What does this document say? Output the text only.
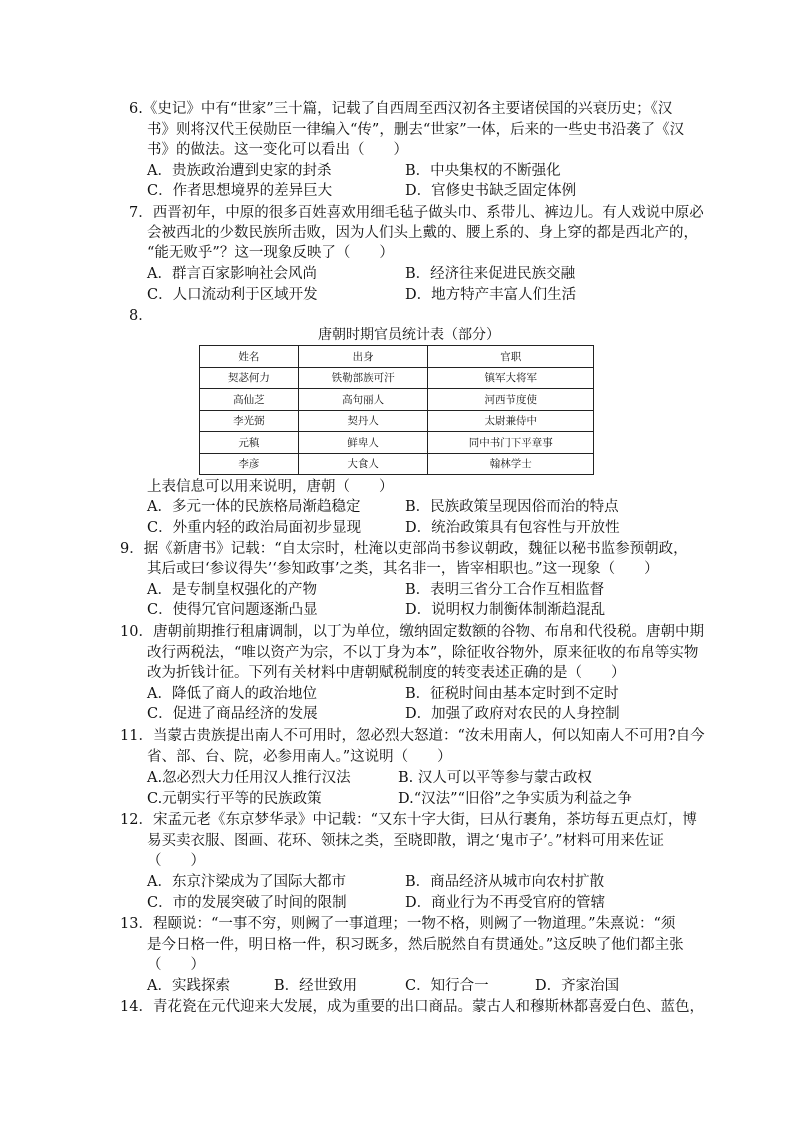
6.《史记》中有“世家”三十篇，记载了自西周至西汉初各主要诸侯国的兴衰历史；《汉
书》则将汉代王侯勋臣一律编入“传”，删去“世家”一体，后来的一些史书沿袭了《汉
书》的做法。这一变化可以看出（　　）
A．贵族政治遭到史家的封杀	B．中央集权的不断强化
C．作者思想境界的差异巨大	D．官修史书缺乏固定体例
7．西晋初年，中原的很多百姓喜欢用细毛毡子做头巾、系带儿、裤边儿。有人戏说中原必
会被西北的少数民族所击败，因为人们头上戴的、腰上系的、身上穿的都是西北产的，
“能无败乎”？这一现象反映了（　　）
A．群言百家影响社会风尚	B．经济往来促进民族交融
C．人口流动利于区域开发	D．地方特产丰富人们生活
8．
唐朝时期官员统计表（部分）
姓名	出身	官职
契苾何力	铁勒部族可汗	镇军大将军
高仙芝	高句丽人	河西节度使
李光弼	契丹人	太尉兼侍中
元稹	鲜卑人	同中书门下平章事
李彦	大食人	翰林学士
上表信息可以用来说明，唐朝（　　）
A．多元一体的民族格局渐趋稳定	B．民族政策呈现因俗而治的特点
C．外重内轻的政治局面初步显现	D．统治政策具有包容性与开放性
9．据《新唐书》记载：“自太宗时，杜淹以吏部尚书参议朝政，魏征以秘书监参预朝政，
其后或曰‘参议得失’‘参知政事’之类，其名非一，皆宰相职也。”这一现象（　　）
A．是专制皇权强化的产物	B．表明三省分工合作互相监督
C．使得冗官问题逐渐凸显	D．说明权力制衡体制渐趋混乱
10．唐朝前期推行租庸调制，以丁为单位，缴纳固定数额的谷物、布帛和代役税。唐朝中期
改行两税法，“唯以资产为宗，不以丁身为本”，除征收谷物外，原来征收的布帛等实物
改为折钱计征。下列有关材料中唐朝赋税制度的转变表述正确的是（　　）
A．降低了商人的政治地位	B．征税时间由基本定时到不定时
C．促进了商品经济的发展	D．加强了政府对农民的人身控制
11．当蒙古贵族提出南人不可用时，忽必烈大怒道：“汝未用南人，何以知南人不可用?自今
省、部、台、院，必参用南人。”这说明（　　）
A.忽必烈大力任用汉人推行汉法	B. 汉人可以平等参与蒙古政权
C.元朝实行平等的民族政策	D.“汉法”“旧俗”之争实质为利益之争
12．宋孟元老《东京梦华录》中记载：“又东十字大街，曰从行裹角，茶坊每五更点灯，博
易买卖衣服、图画、花环、领抹之类，至晓即散，谓之‘鬼市子’。”材料可用来佐证
（　　）
A．东京汴梁成为了国际大都市	B．商品经济从城市向农村扩散
C．市的发展突破了时间的限制	D．商业行为不再受官府的管辖
13．程颐说：“一事不穷，则阙了一事道理；一物不格，则阙了一物道理。”朱熹说：“须
是今日格一件，明日格一件，积习既多，然后脱然自有贯通处。”这反映了他们都主张
（　　）
A．实践探索	B．经世致用	C．知行合一	D．齐家治国
14．青花瓷在元代迎来大发展，成为重要的出口商品。蒙古人和穆斯林都喜爱白色、蓝色，
